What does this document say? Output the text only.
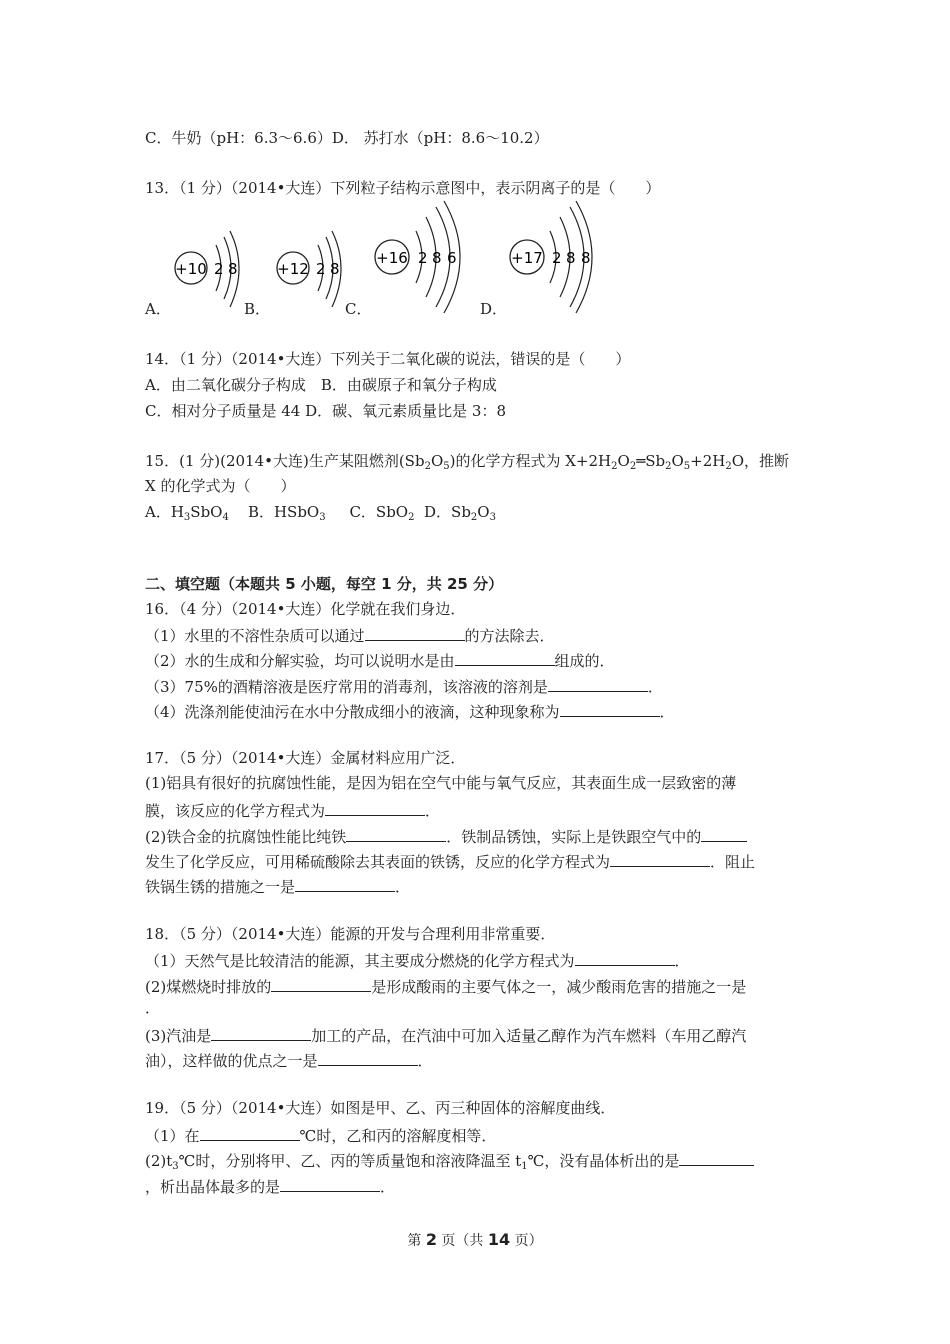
C．牛奶（pH：6.3～6.6）D． 苏打水（pH：8.6～10.2）
13．（1 分）（2014•大连）下列粒子结构示意图中，表示阴离子的是（　　）
+10 2 8
A．
+12 2 8
B．
+16 2 8 6
C．
+17 2 8 8
D．
14．（1 分）（2014•大连）下列关于二氧化碳的说法，错误的是（　　）
A．由二氧化碳分子构成　B．由碳原子和氧分子构成
C．相对分子质量是 44 D．碳、氧元素质量比是 3：8
15．(1 分)(2014•大连)生产某阻燃剂$(Sb_2O_5)$的化学方程式为 $X+2H_2O_2═Sb_2O_5+2H_2O$，推断
X 的化学式为（　　）
A．$H_3SbO_4$ B．HSbO$_3$ C．SbO$_2$ D．$Sb_2O_3$
二、填空题（本题共 5 小题，每空 1 分，共 25 分）
16．（4 分）（2014•大连）化学就在我们身边．
（1）水里的不溶性杂质可以通过	的方法除去．
（2）水的生成和分解实验，均可以说明水是由	组成的．
（3）75%的酒精溶液是医疗常用的消毒剂，该溶液的溶剂是	．
（4）洗涤剂能使油污在水中分散成细小的液滴，这种现象称为	．
17．（5 分）（2014•大连）金属材料应用广泛．
(1)铝具有很好的抗腐蚀性能，是因为铝在空气中能与氧气反应，其表面生成一层致密的薄
膜，该反应的化学方程式为	．
(2)铁合金的抗腐蚀性能比纯铁	．铁制品锈蚀，实际上是铁跟空气中的
发生了化学反应，可用稀硫酸除去其表面的铁锈，反应的化学方程式为	．阻止
铁锅生锈的措施之一是	．
18．（5 分）（2014•大连）能源的开发与合理利用非常重要．
（1）天然气是比较清洁的能源，其主要成分燃烧的化学方程式为	．
(2)煤燃烧时排放的	是形成酸雨的主要气体之一，减少酸雨危害的措施之一是
．
(3)汽油是	加工的产品，在汽油中可加入适量乙醇作为汽车燃料（车用乙醇汽
油），这样做的优点之一是	．
19．（5 分）（2014•大连）如图是甲、乙、丙三种固体的溶解度曲线．
（1）在	℃时，乙和丙的溶解度相等．
$(2)t_3℃$时，分别将甲、乙、丙的等质量饱和溶液降温至 $t_1℃$，没有晶体析出的是
，析出晶体最多的是	．
第 2 页（共 14 页）
